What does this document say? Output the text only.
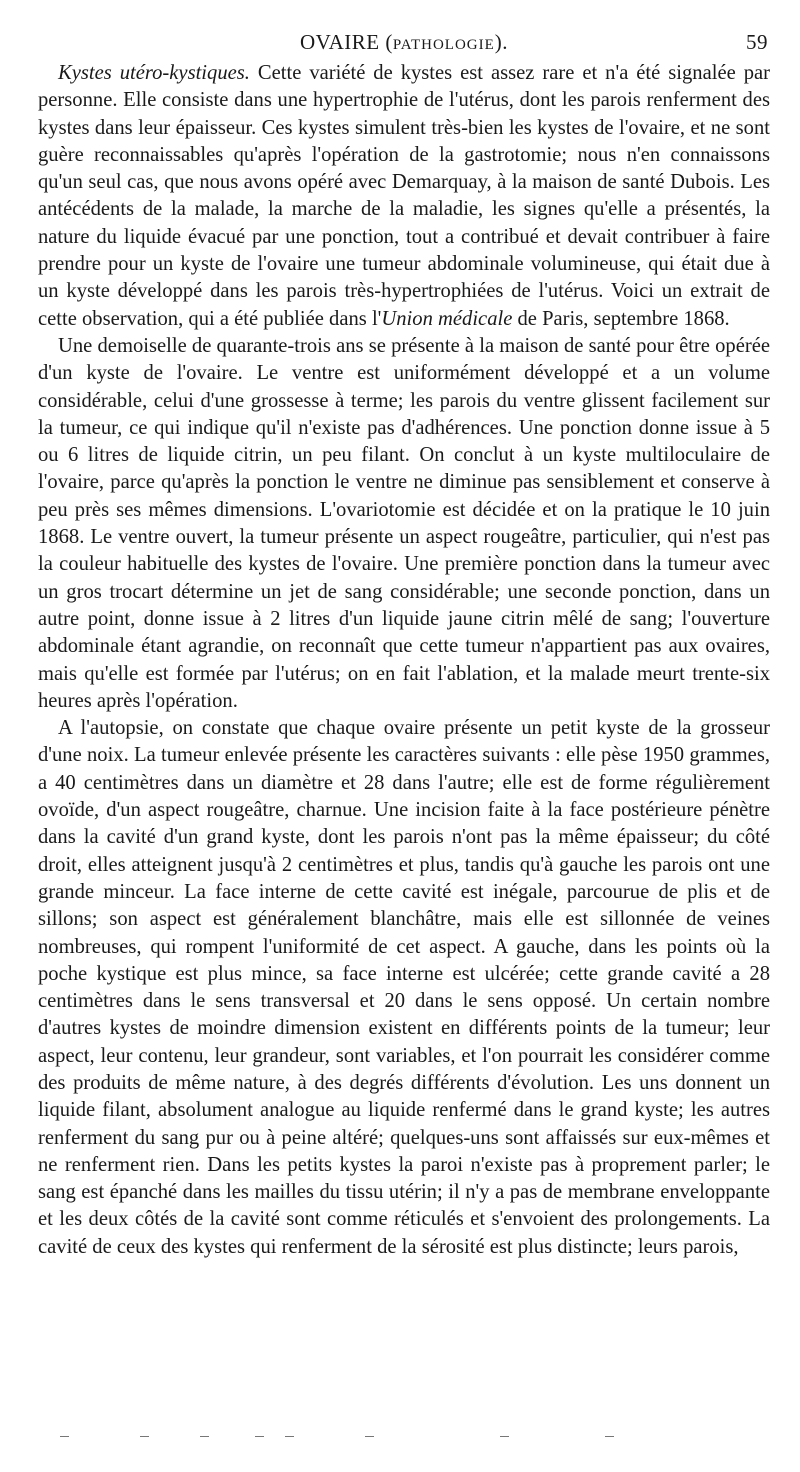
OVAIRE (PATHOLOGIE).	59

Kystes utéro-kystiques. Cette variété de kystes est assez rare et n'a été signalée par personne. Elle consiste dans une hypertrophie de l'utérus, dont les parois renferment des kystes dans leur épaisseur. Ces kystes simulent très-bien les kystes de l'ovaire, et ne sont guère reconnaissables qu'après l'opération de la gastrotomie; nous n'en connaissons qu'un seul cas, que nous avons opéré avec Demarquay, à la maison de santé Dubois. Les antécédents de la malade, la marche de la maladie, les signes qu'elle a présentés, la nature du liquide évacué par une ponction, tout a contribué et devait contribuer à faire prendre pour un kyste de l'ovaire une tumeur abdominale volumineuse, qui était due à un kyste développé dans les parois très-hypertrophiées de l'utérus. Voici un extrait de cette observation, qui a été publiée dans l'Union médicale de Paris, septembre 1868.

Une demoiselle de quarante-trois ans se présente à la maison de santé pour être opérée d'un kyste de l'ovaire. Le ventre est uniformément développé et a un volume considérable, celui d'une grossesse à terme; les parois du ventre glissent facilement sur la tumeur, ce qui indique qu'il n'existe pas d'adhérences. Une ponction donne issue à 5 ou 6 litres de liquide citrin, un peu filant. On conclut à un kyste multiloculaire de l'ovaire, parce qu'après la ponction le ventre ne diminue pas sensiblement et conserve à peu près ses mêmes dimensions. L'ovariotomie est décidée et on la pratique le 10 juin 1868. Le ventre ouvert, la tumeur présente un aspect rougeâtre, particulier, qui n'est pas la couleur habituelle des kystes de l'ovaire. Une première ponction dans la tumeur avec un gros trocart détermine un jet de sang considérable; une seconde ponction, dans un autre point, donne issue à 2 litres d'un liquide jaune citrin mêlé de sang; l'ouverture abdominale étant agrandie, on reconnaît que cette tumeur n'appartient pas aux ovaires, mais qu'elle est formée par l'utérus; on en fait l'ablation, et la malade meurt trente-six heures après l'opération.

A l'autopsie, on constate que chaque ovaire présente un petit kyste de la grosseur d'une noix. La tumeur enlevée présente les caractères suivants : elle pèse 1950 grammes, a 40 centimètres dans un diamètre et 28 dans l'autre; elle est de forme régulièrement ovoïde, d'un aspect rougeâtre, charnue. Une incision faite à la face postérieure pénètre dans la cavité d'un grand kyste, dont les parois n'ont pas la même épaisseur; du côté droit, elles atteignent jusqu'à 2 centimètres et plus, tandis qu'à gauche les parois ont une grande minceur. La face interne de cette cavité est inégale, parcourue de plis et de sillons; son aspect est généralement blanchâtre, mais elle est sillonnée de veines nombreuses, qui rompent l'uniformité de cet aspect. A gauche, dans les points où la poche kystique est plus mince, sa face interne est ulcérée; cette grande cavité a 28 centimètres dans le sens transversal et 20 dans le sens opposé. Un certain nombre d'autres kystes de moindre dimension existent en différents points de la tumeur; leur aspect, leur contenu, leur grandeur, sont variables, et l'on pourrait les considérer comme des produits de même nature, à des degrés différents d'évolution. Les uns donnent un liquide filant, absolument analogue au liquide renfermé dans le grand kyste; les autres renferment du sang pur ou à peine altéré; quelques-uns sont affaissés sur eux-mêmes et ne renferment rien. Dans les petits kystes la paroi n'existe pas à proprement parler; le sang est épanché dans les mailles du tissu utérin; il n'y a pas de membrane enveloppante et les deux côtés de la cavité sont comme réticulés et s'envoient des prolongements. La cavité de ceux des kystes qui renferment de la sérosité est plus distincte; leurs parois,
